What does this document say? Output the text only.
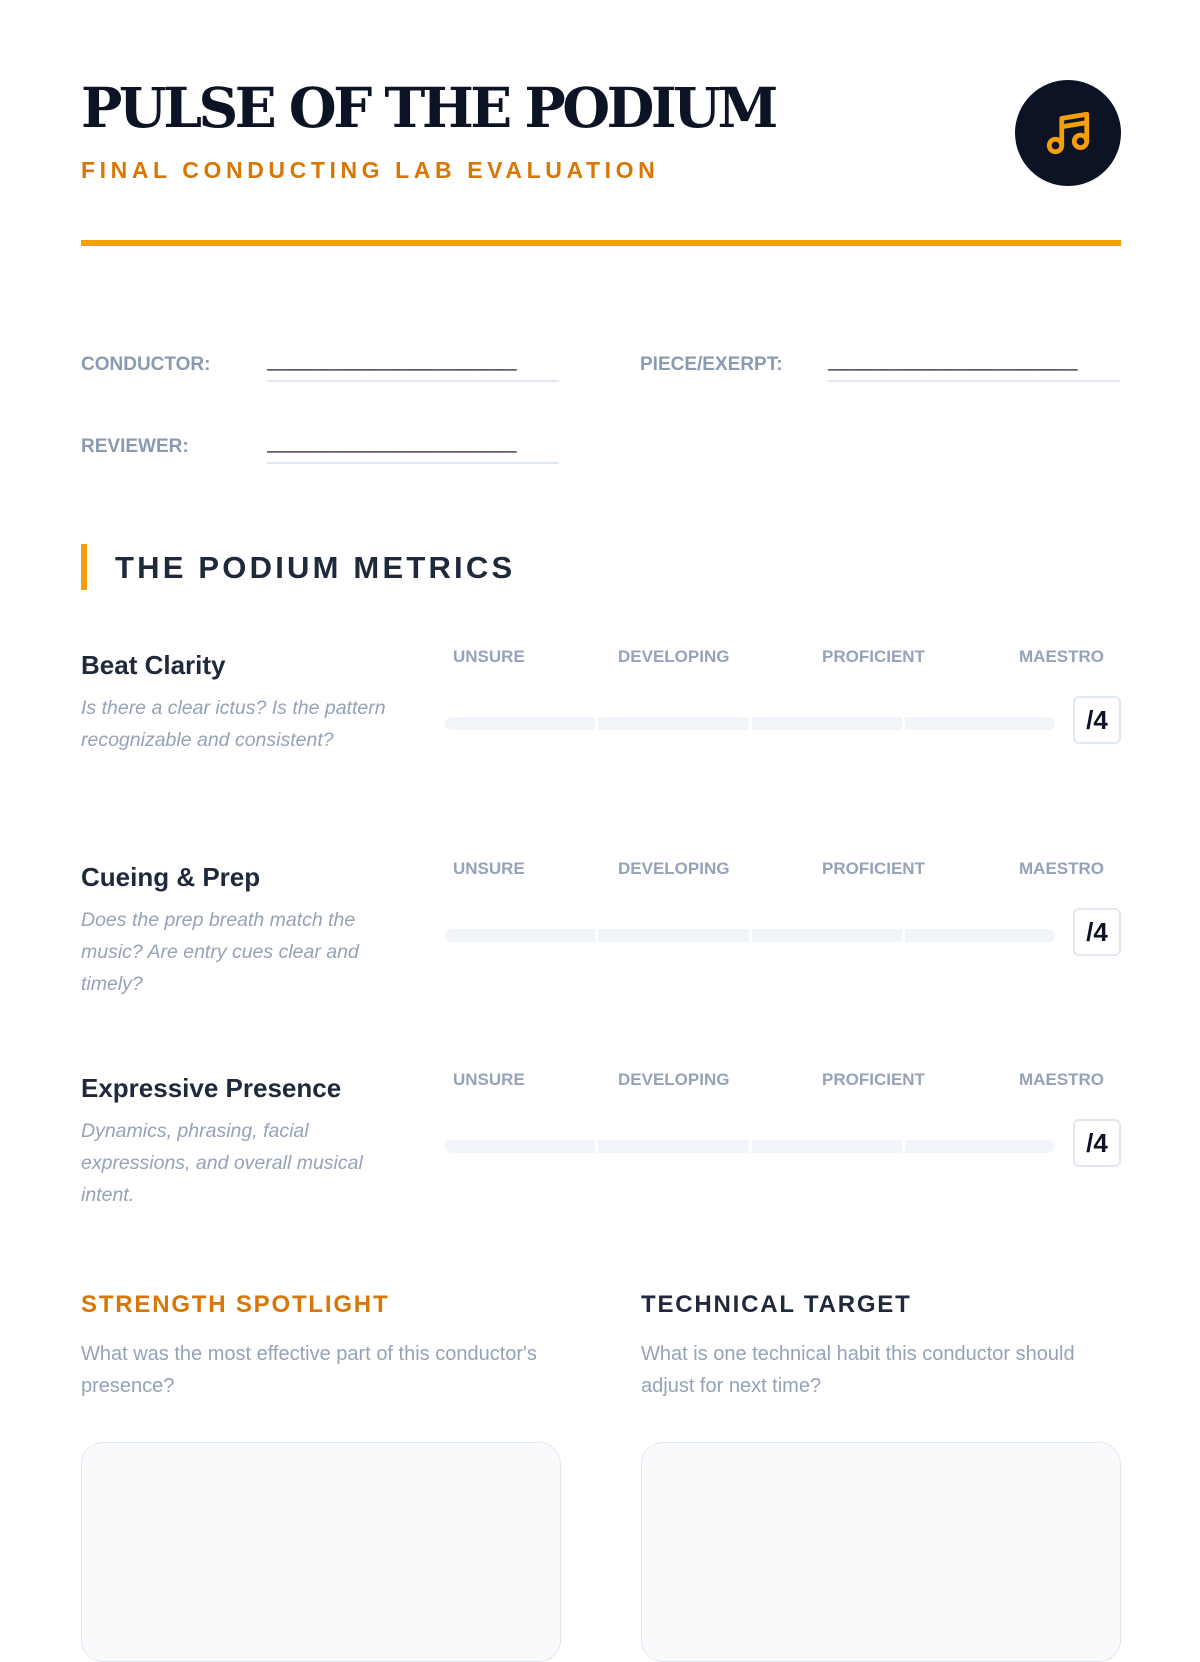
PULSE OF THE PODIUM
FINAL CONDUCTING LAB EVALUATION
CONDUCTOR:	________________________	PIECE/EXERPT:	________________________
REVIEWER:	________________________
THE PODIUM METRICS
Beat Clarity
Is there a clear ictus? Is the pattern recognizable and consistent?
UNSURE	DEVELOPING	PROFICIENT	MAESTRO
/4
Cueing & Prep
Does the prep breath match the music? Are entry cues clear and timely?
UNSURE	DEVELOPING	PROFICIENT	MAESTRO
/4
Expressive Presence
Dynamics, phrasing, facial expressions, and overall musical intent.
UNSURE	DEVELOPING	PROFICIENT	MAESTRO
/4
STRENGTH SPOTLIGHT
What was the most effective part of this conductor's presence?
TECHNICAL TARGET
What is one technical habit this conductor should adjust for next time?
